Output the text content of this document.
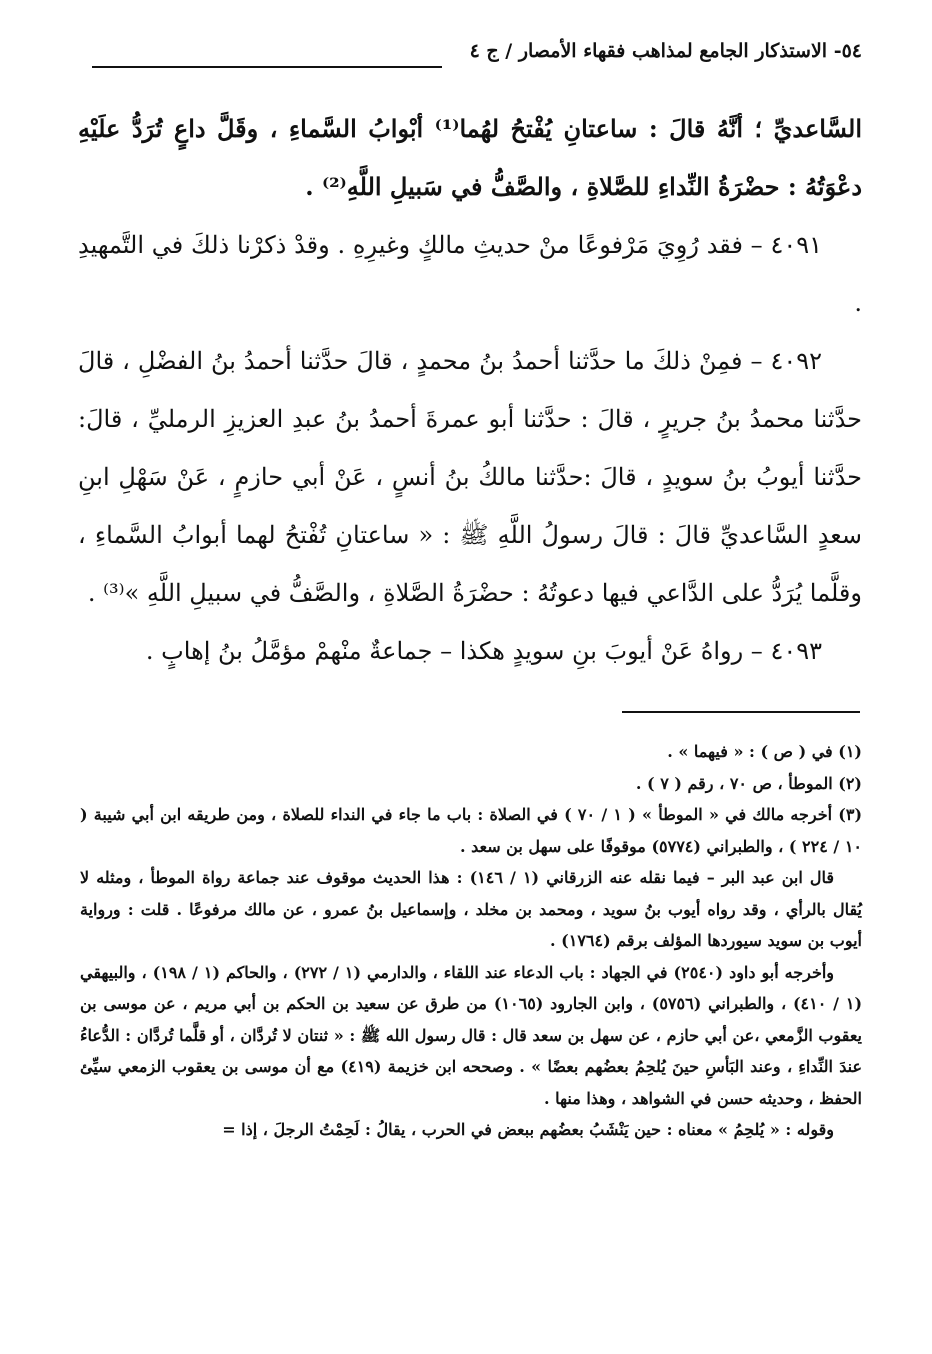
٥٤- الاستذكار الجامع لمذاهب فقهاء الأمصار / ج ٤

السَّاعديِّ ؛ أنَّهُ قالَ : ساعتانِ يُفْتحُ لهُما⁽¹⁾ أبْوابُ السَّماءِ ، وقَلَّ داعٍ تُرَدُّ علَيْهِ دعْوَتُهُ : حضْرَةُ النِّداءِ للصَّلاةِ ، والصَّفُّ في سَبيلِ اللَّهِ⁽²⁾ .

٤٠٩١ – فقد رُوِيَ مَرْفوعًا منْ حديثِ مالكٍ وغيرِهِ . وقدْ ذكرْنا ذلكَ في التَّمهيدِ .

٤٠٩٢ – فمِنْ ذلكَ ما حدَّثنا أحمدُ بنُ محمدٍ ، قالَ حدَّثنا أحمدُ بنُ الفضْلِ ، قالَ حدَّثنا محمدُ بنُ جريرٍ ، قالَ : حدَّثنا أبو عمرةَ أحمدُ بنُ عبدِ العزيزِ الرمليِّ ، قالَ: حدَّثنا أيوبُ بنُ سويدٍ ، قالَ :حدَّثنا مالكُ بنُ أنسٍ ، عَنْ أبي حازمٍ ، عَنْ سَهْلِ ابنِ سعدٍ السَّاعديِّ قالَ : قالَ رسولُ اللَّهِ ﷺ : « ساعتانِ تُفْتحُ لهما أبوابُ السَّماءِ ، وقلَّما يُرَدُّ على الدَّاعي فيها دعوتُهُ : حضْرَةُ الصَّلاةِ ، والصَّفُّ في سبيلِ اللَّهِ »⁽³⁾ .

٤٠٩٣ – رواهُ عَنْ أيوبَ بنِ سويدٍ هكذا – جماعةٌ منْهمْ مؤمَّلُ بنُ إهابٍ .

(١) في ( ص ) : « فيهما » .

(٢) الموطأ ، ص ٧٠ ، رقم ( ٧ ) .

(٣) أخرجه مالك في « الموطأ » ( ١ / ٧٠ ) في الصلاة : باب ما جاء في النداء للصلاة ، ومن طريقه ابن أبي شيبة ( ١٠ / ٢٢٤ ) ، والطبراني (٥٧٧٤) موقوفًا على سهل بن سعد .

قال ابن عبد البر – فيما نقله عنه الزرقاني (١ / ١٤٦) : هذا الحديث موقوف عند جماعة رواة الموطأ ، ومثله لا يُقال بالرأي ، وقد رواه أيوب بنُ سويد ، ومحمد بن مخلد ، وإسماعيل بنُ عمرو ، عن مالك مرفوعًا . قلت : ورواية أيوب بن سويد سيوردها المؤلف برقم (١٧٦٤) .

وأخرجه أبو داود (٢٥٤٠) في الجهاد : باب الدعاء عند اللقاء ، والدارمي (١ / ٢٧٢) ، والحاكم (١ / ١٩٨) ، والبيهقي (١ / ٤١٠) ، والطبراني (٥٧٥٦) ، وابن الجارود (١٠٦٥) من طرق عن سعيد بن الحكم بن أبي مريم ، عن موسى بن يعقوب الزَّمعي ،عن أبي حازم ، عن سهل بن سعد قال : قال رسول الله ﷺ : « ثنتان لا تُردَّان ، أو قلَّما تُردَّان : الدُّعاءُ عندَ النِّداءِ ، وعند البَأسِ حينَ يُلحِمُ بعضُهم بعضًا » . وصححه ابن خزيمة (٤١٩) مع أن موسى بن يعقوب الزمعي سيِّئ الحفظ ، وحديثه حسن في الشواهد ، وهذا منها .

وقوله : « يُلحِمُ » معناه : حين يَنْشَبُ بعضُهم ببعض في الحرب ، يقالُ : لَحِمْتُ الرجلَ ، إذا =
